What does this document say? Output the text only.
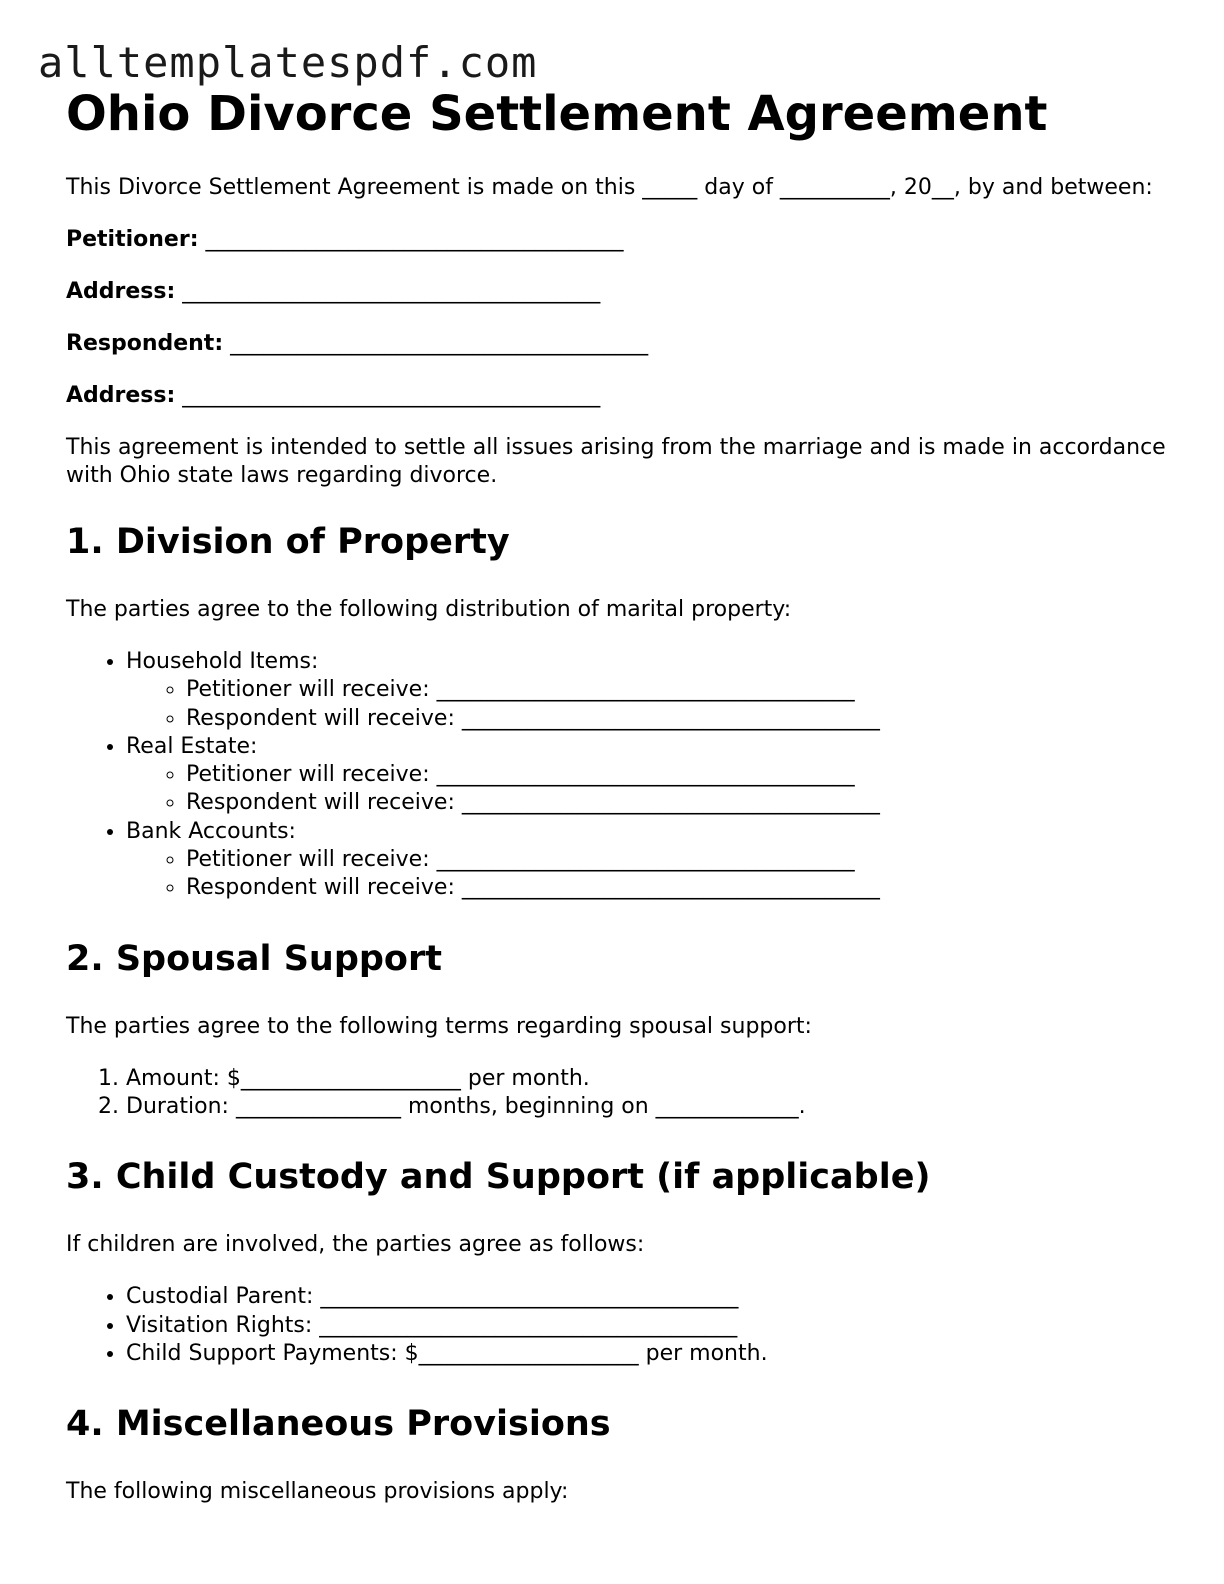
alltemplatespdf.com
Ohio Divorce Settlement Agreement

This Divorce Settlement Agreement is made on this _____ day of __________, 20__, by and between:

Petitioner: ______________________________________

Address: ______________________________________

Respondent: ______________________________________

Address: ______________________________________

This agreement is intended to settle all issues arising from the marriage and is made in accordance with Ohio state laws regarding divorce.

1. Division of Property

The parties agree to the following distribution of marital property:

• Household Items:
◦ Petitioner will receive: ______________________________________
◦ Respondent will receive: ______________________________________
• Real Estate:
◦ Petitioner will receive: ______________________________________
◦ Respondent will receive: ______________________________________
• Bank Accounts:
◦ Petitioner will receive: ______________________________________
◦ Respondent will receive: ______________________________________
2. Spousal Support

The parties agree to the following terms regarding spousal support:

1. Amount: $____________________ per month.
2. Duration: _______________ months, beginning on _____________.
3. Child Custody and Support (if applicable)

If children are involved, the parties agree as follows:

• Custodial Parent: ______________________________________
• Visitation Rights: ______________________________________
• Child Support Payments: $____________________ per month.
4. Miscellaneous Provisions

The following miscellaneous provisions apply:
